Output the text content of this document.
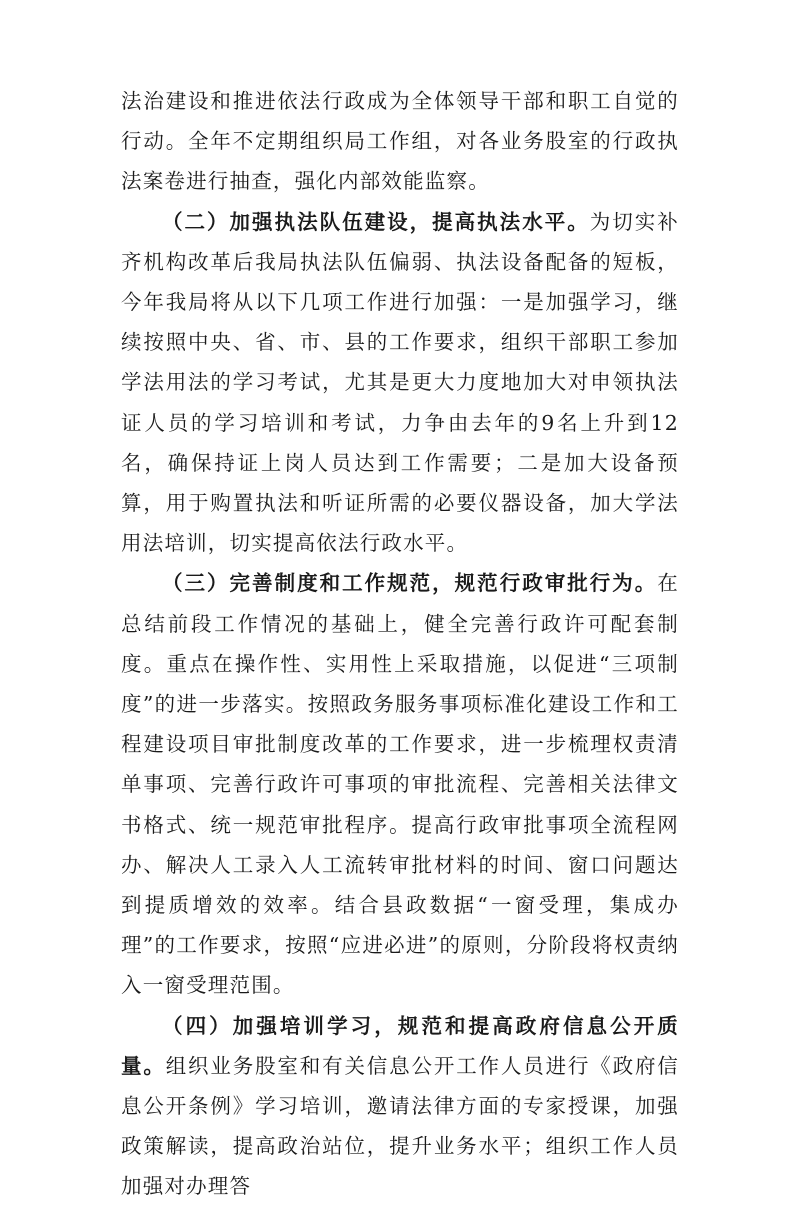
法治建设和推进依法行政成为全体领导干部和职工自觉的行动。全年不定期组织局工作组，对各业务股室的行政执法案卷进行抽查，强化内部效能监察。

（二）加强执法队伍建设，提高执法水平。为切实补齐机构改革后我局执法队伍偏弱、执法设备配备的短板，今年我局将从以下几项工作进行加强：一是加强学习，继续按照中央、省、市、县的工作要求，组织干部职工参加学法用法的学习考试，尤其是更大力度地加大对申领执法证人员的学习培训和考试，力争由去年的9名上升到12名，确保持证上岗人员达到工作需要；二是加大设备预算，用于购置执法和听证所需的必要仪器设备，加大学法用法培训，切实提高依法行政水平。

（三）完善制度和工作规范，规范行政审批行为。在总结前段工作情况的基础上，健全完善行政许可配套制度。重点在操作性、实用性上采取措施，以促进“三项制度”的进一步落实。按照政务服务事项标准化建设工作和工程建设项目审批制度改革的工作要求，进一步梳理权责清单事项、完善行政许可事项的审批流程、完善相关法律文书格式、统一规范审批程序。提高行政审批事项全流程网办、解决人工录入人工流转审批材料的时间、窗口问题达到提质增效的效率。结合县政数据“一窗受理，集成办理”的工作要求，按照“应进必进”的原则，分阶段将权责纳入一窗受理范围。

（四）加强培训学习，规范和提高政府信息公开质量。组织业务股室和有关信息公开工作人员进行《政府信息公开条例》学习培训，邀请法律方面的专家授课，加强政策解读，提高政治站位，提升业务水平；组织工作人员加强对办理答
